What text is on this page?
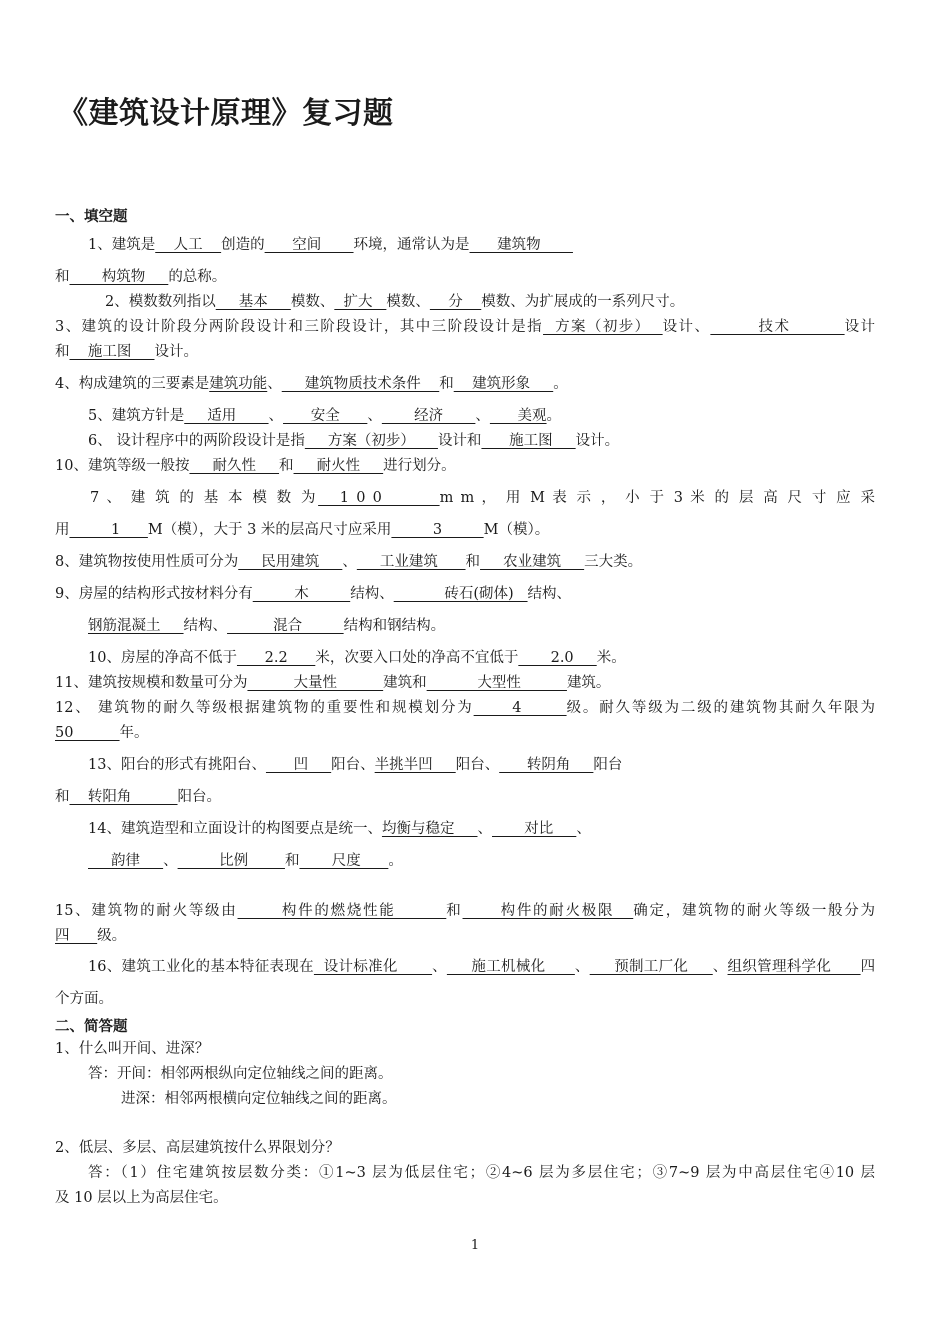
《建筑设计原理》复习题
一、填空题
1、建筑是    人工    创造的      空间       环境，通常认为是      建筑物
和       构筑物     的总称。
2、模数数列指以     基本     模数、  扩大   模数、    分    模数、为扩展成的一系列尺寸。
3、建筑的设计阶段分两阶段设计和三阶段设计，其中三阶段设计是指  方案（初步）  设计、        技术         设计
和    施工图     设计。
4、构成建筑的三要素是建筑功能、     建筑物质技术条件    和    建筑形象     。
5、建筑方针是     适用       、      安全      、       经济       、      美观。
6、 设计程序中的两阶段设计是指     方案（初步）     设计和      施工图     设计。
10、建筑等级一般按     耐久性     和     耐火性     进行划分。
7 、 建 筑 的 基 本 模 数 为   1 0 0        m m ， 用 M 表 示 ， 小 于 3 米 的 层 高 尺 寸 应 采
用         1      M（模），大于 3 米的层高尺寸应采用         3         M（模）。
8、建筑物按使用性质可分为     民用建筑     、     工业建筑      和     农业建筑     三大类。
9、房屋的结构形式按材料分有         木         结构、           砖石(砌体)   结构、
钢筋混凝土     结构、          混合         结构和钢结构。
10、房屋的净高不低于      2.2      米，次要入口处的净高不宜低于       2.0     米。
11、建筑按规模和数量可分为          大量性          建筑和           大型性          建筑。
12、 建筑物的耐久等级根据建筑物的重要性和规模划分为      4       级。耐久等级为二级的建筑物其耐久年限为
50          年。
13、阳台的形式有挑阳台、      凹     阳台、半挑半凹     阳台、      转阴角     阳台
和    转阳角          阳台。
14、建筑造型和立面设计的构图要点是统一、均衡与稳定     、       对比     、
韵律     、         比例        和       尺度      。
15、建筑物的耐火等级由       构件的燃烧性能        和      构件的耐火极限   确定，建筑物的耐火等级一般分为
四      级。
16、建筑工业化的基本特征表现在  设计标准化       、     施工机械化      、     预制工厂化     、组织管理科学化      四
个方面。
二、简答题
1、什么叫开间、进深？
答：开间：相邻两根纵向定位轴线之间的距离。
进深：相邻两根横向定位轴线之间的距离。
2、低层、多层、高层建筑按什么界限划分？
答：（1）住宅建筑按层数分类：①1~3 层为低层住宅；②4~6 层为多层住宅；③7~9 层为中高层住宅④10 层
及 10 层以上为高层住宅。
1
